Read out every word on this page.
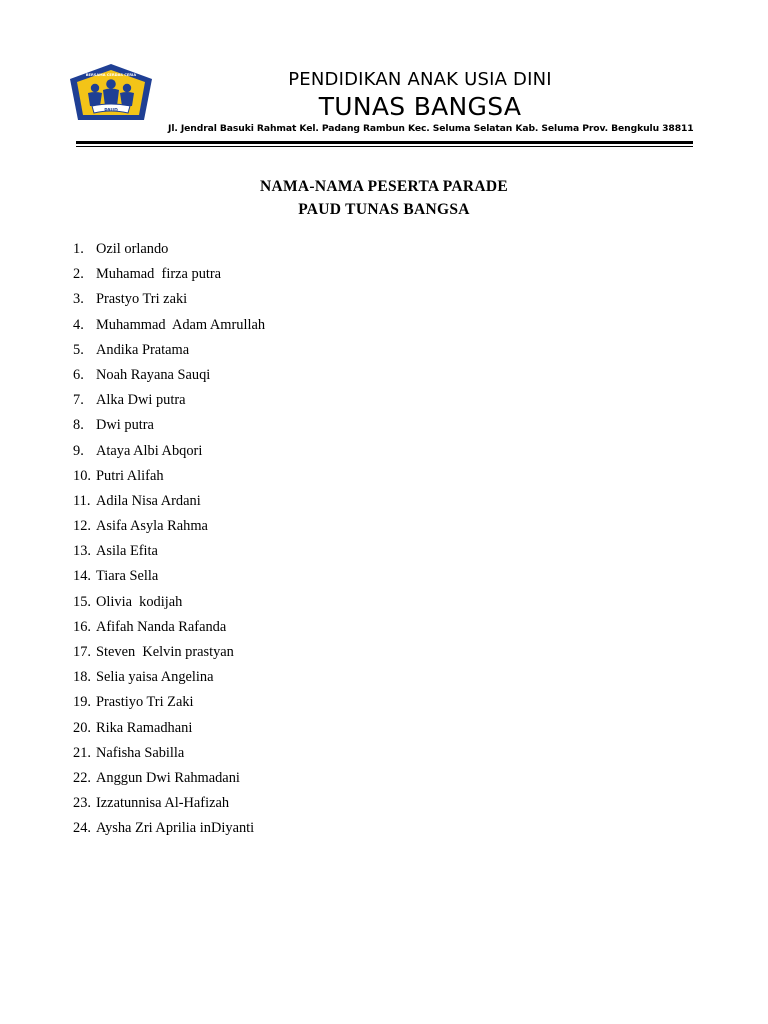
PAUD
BERSAMA CERDAS CERIA	PENDIDIKAN ANAK USIA DINI
TUNAS BANGSA
Jl. Jendral Basuki Rahmat Kel. Padang Rambun Kec. Seluma Selatan Kab. Seluma Prov. Bengkulu 38811
NAMA-NAMA PESERTA PARADE
PAUD TUNAS BANGSA
1. Ozil orlando
2. Muhamad  firza putra
3. Prastyo Tri zaki
4. Muhammad  Adam Amrullah
5. Andika Pratama
6. Noah Rayana Sauqi
7. Alka Dwi putra
8. Dwi putra
9. Ataya Albi Abqori
10. Putri Alifah
11. Adila Nisa Ardani
12. Asifa Asyla Rahma
13. Asila Efita
14. Tiara Sella
15. Olivia  kodijah
16. Afifah Nanda Rafanda
17. Steven  Kelvin prastyan
18. Selia yaisa Angelina
19. Prastiyo Tri Zaki
20. Rika Ramadhani
21. Nafisha Sabilla
22. Anggun Dwi Rahmadani
23. Izzatunnisa Al-Hafizah
24. Aysha Zri Aprilia inDiyanti
